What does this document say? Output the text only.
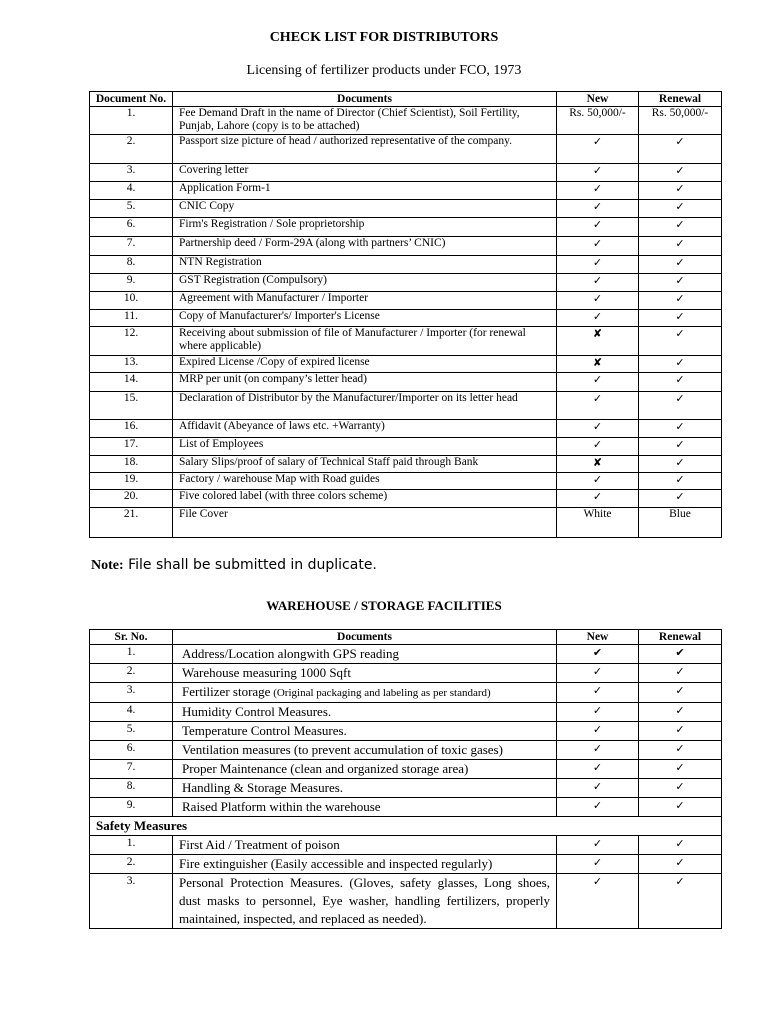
CHECK LIST FOR DISTRIBUTORS
Licensing of fertilizer products under FCO, 1973
Document No.	Documents	New	Renewal
1.	Fee Demand Draft in the name of Director (Chief Scientist), Soil Fertility, Punjab, Lahore (copy is to be attached)	Rs. 50,000/-	Rs. 50,000/-
2.	Passport size picture of head / authorized representative of the company.	✓	✓
3.	Covering letter	✓	✓
4.	Application Form-1	✓	✓
5.	CNIC Copy	✓	✓
6.	Firm's Registration / Sole proprietorship	✓	✓
7.	Partnership deed / Form-29A (along with partners’ CNIC)	✓	✓
8.	NTN Registration	✓	✓
9.	GST Registration (Compulsory)	✓	✓
10.	Agreement with Manufacturer / Importer	✓	✓
11.	Copy of Manufacturer's/ Importer's License	✓	✓
12.	Receiving about submission of file of Manufacturer / Importer (for renewal where applicable)	✘	✓
13.	Expired License /Copy of expired license	✘	✓
14.	MRP per unit (on company’s letter head)	✓	✓
15.	Declaration of Distributor by the Manufacturer/Importer on its letter head	✓	✓
16.	Affidavit (Abeyance of laws etc. +Warranty)	✓	✓
17.	List of Employees	✓	✓
18.	Salary Slips/proof of salary of Technical Staff paid through Bank	✘	✓
19.	Factory / warehouse Map with Road guides	✓	✓
20.	Five colored label (with three colors scheme)	✓	✓
21.	File Cover	White	Blue
Note: File shall be submitted in duplicate.
WAREHOUSE / STORAGE FACILITIES
Sr. No.	Documents	New	Renewal
1.	Address/Location alongwith GPS reading	✔	✔
2.	Warehouse measuring 1000 Sqft	✓	✓
3.	Fertilizer storage (Original packaging and labeling as per standard)	✓	✓
4.	Humidity Control Measures.	✓	✓
5.	Temperature Control Measures.	✓	✓
6.	Ventilation measures (to prevent accumulation of toxic gases)	✓	✓
7.	Proper Maintenance (clean and organized storage area)	✓	✓
8.	Handling & Storage Measures.	✓	✓
9.	Raised Platform within the warehouse	✓	✓
Safety Measures			
1.	First Aid / Treatment of poison	✓	✓
2.	Fire extinguisher (Easily accessible and inspected regularly)	✓	✓
3.	Personal Protection Measures. (Gloves, safety glasses, Long shoes, dust masks to personnel, Eye washer, handling fertilizers, properly maintained, inspected, and replaced as needed).	✓	✓
